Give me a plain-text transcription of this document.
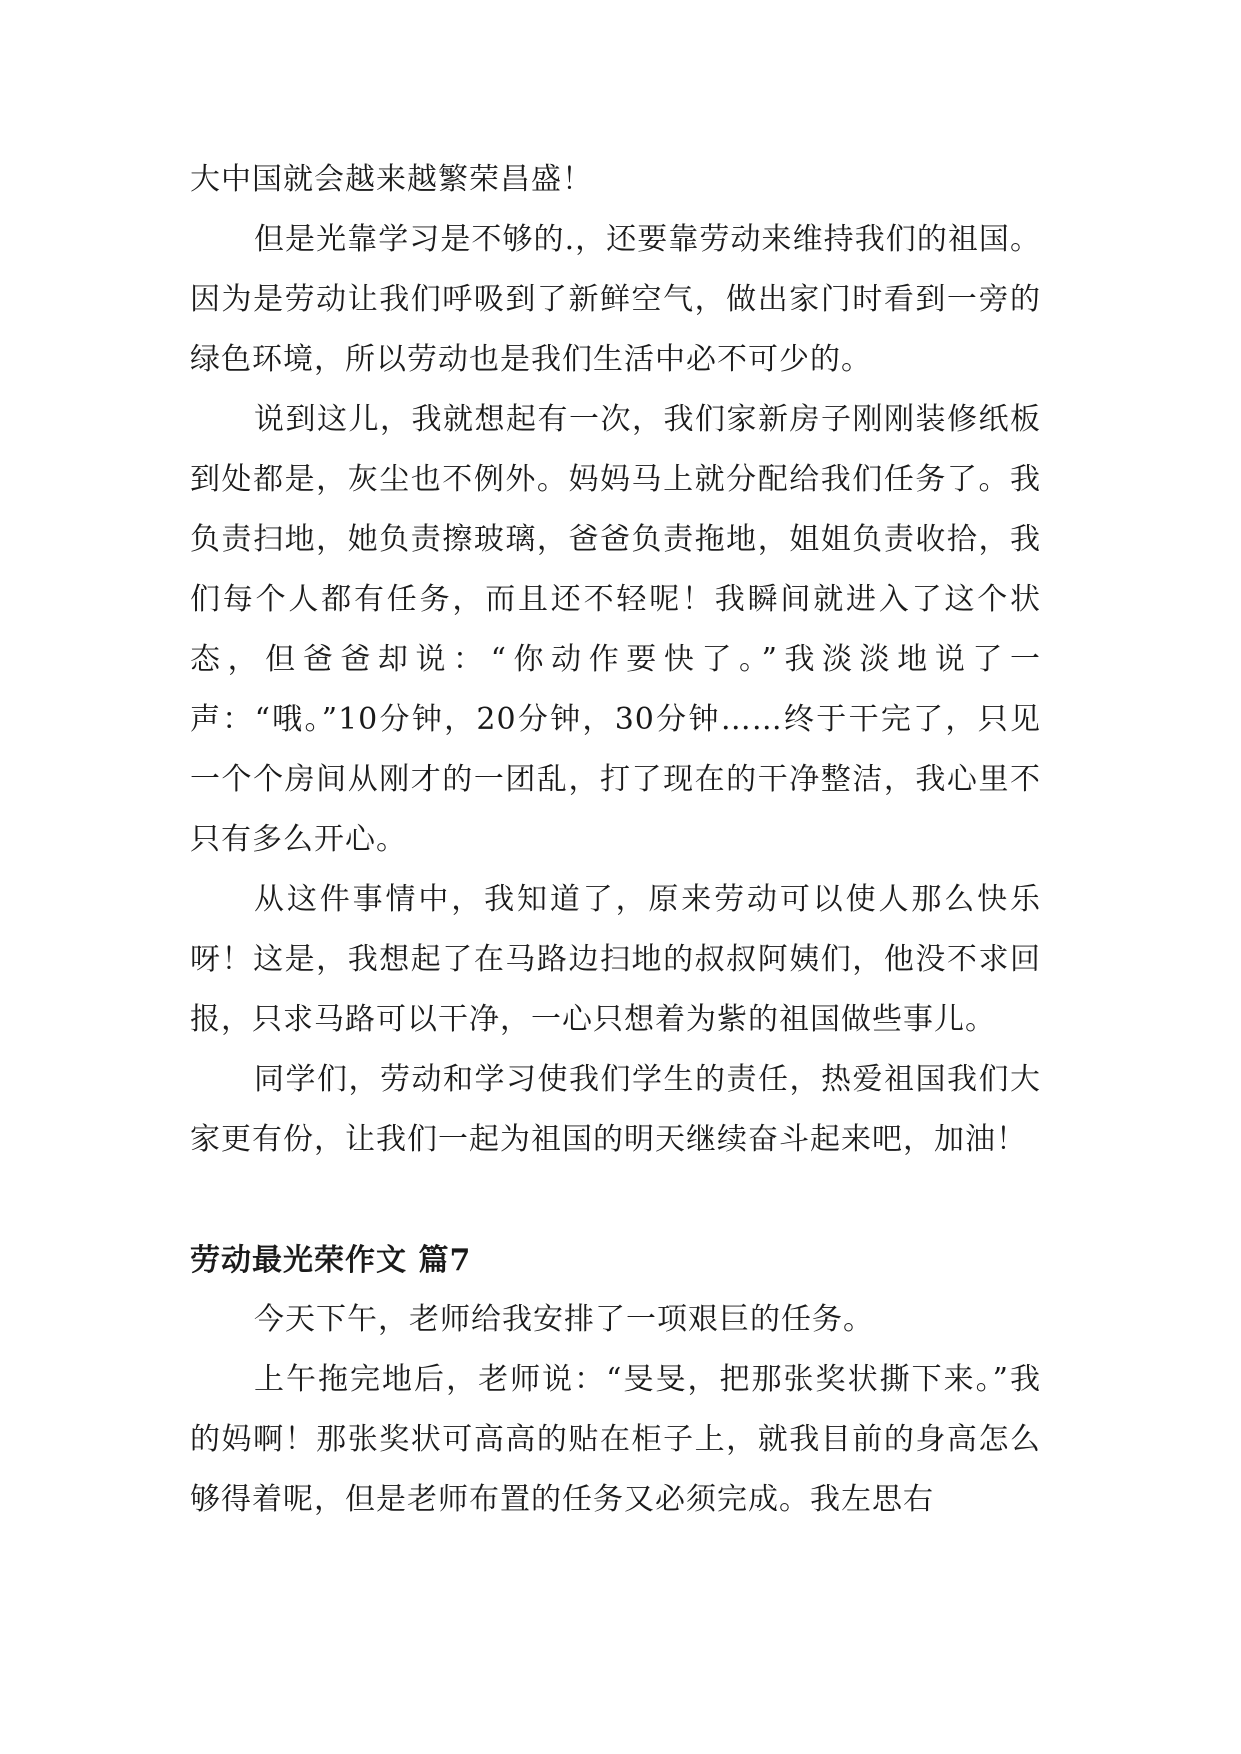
大中国就会越来越繁荣昌盛！

但是光靠学习是不够的.，还要靠劳动来维持我们的祖国。因为是劳动让我们呼吸到了新鲜空气，做出家门时看到一旁的绿色环境，所以劳动也是我们生活中必不可少的。

说到这儿，我就想起有一次，我们家新房子刚刚装修纸板到处都是，灰尘也不例外。妈妈马上就分配给我们任务了。我负责扫地，她负责擦玻璃，爸爸负责拖地，姐姐负责收拾，我们每个人都有任务，而且还不轻呢！我瞬间就进入了这个状态，但爸爸却说：“你动作要快了。”我淡淡地说了一声：“哦。”10分钟，20分钟，30分钟……终于干完了，只见一个个房间从刚才的一团乱，打了现在的干净整洁，我心里不只有多么开心。

从这件事情中，我知道了，原来劳动可以使人那么快乐呀！这是，我想起了在马路边扫地的叔叔阿姨们，他没不求回报，只求马路可以干净，一心只想着为紫的祖国做些事儿。

同学们，劳动和学习使我们学生的责任，热爱祖国我们大家更有份，让我们一起为祖国的明天继续奋斗起来吧，加油！

劳动最光荣作文 篇7

今天下午，老师给我安排了一项艰巨的任务。

上午拖完地后，老师说：“旻旻，把那张奖状撕下来。”我的妈啊！那张奖状可高高的贴在柜子上，就我目前的身高怎么够得着呢，但是老师布置的任务又必须完成。我左思右
